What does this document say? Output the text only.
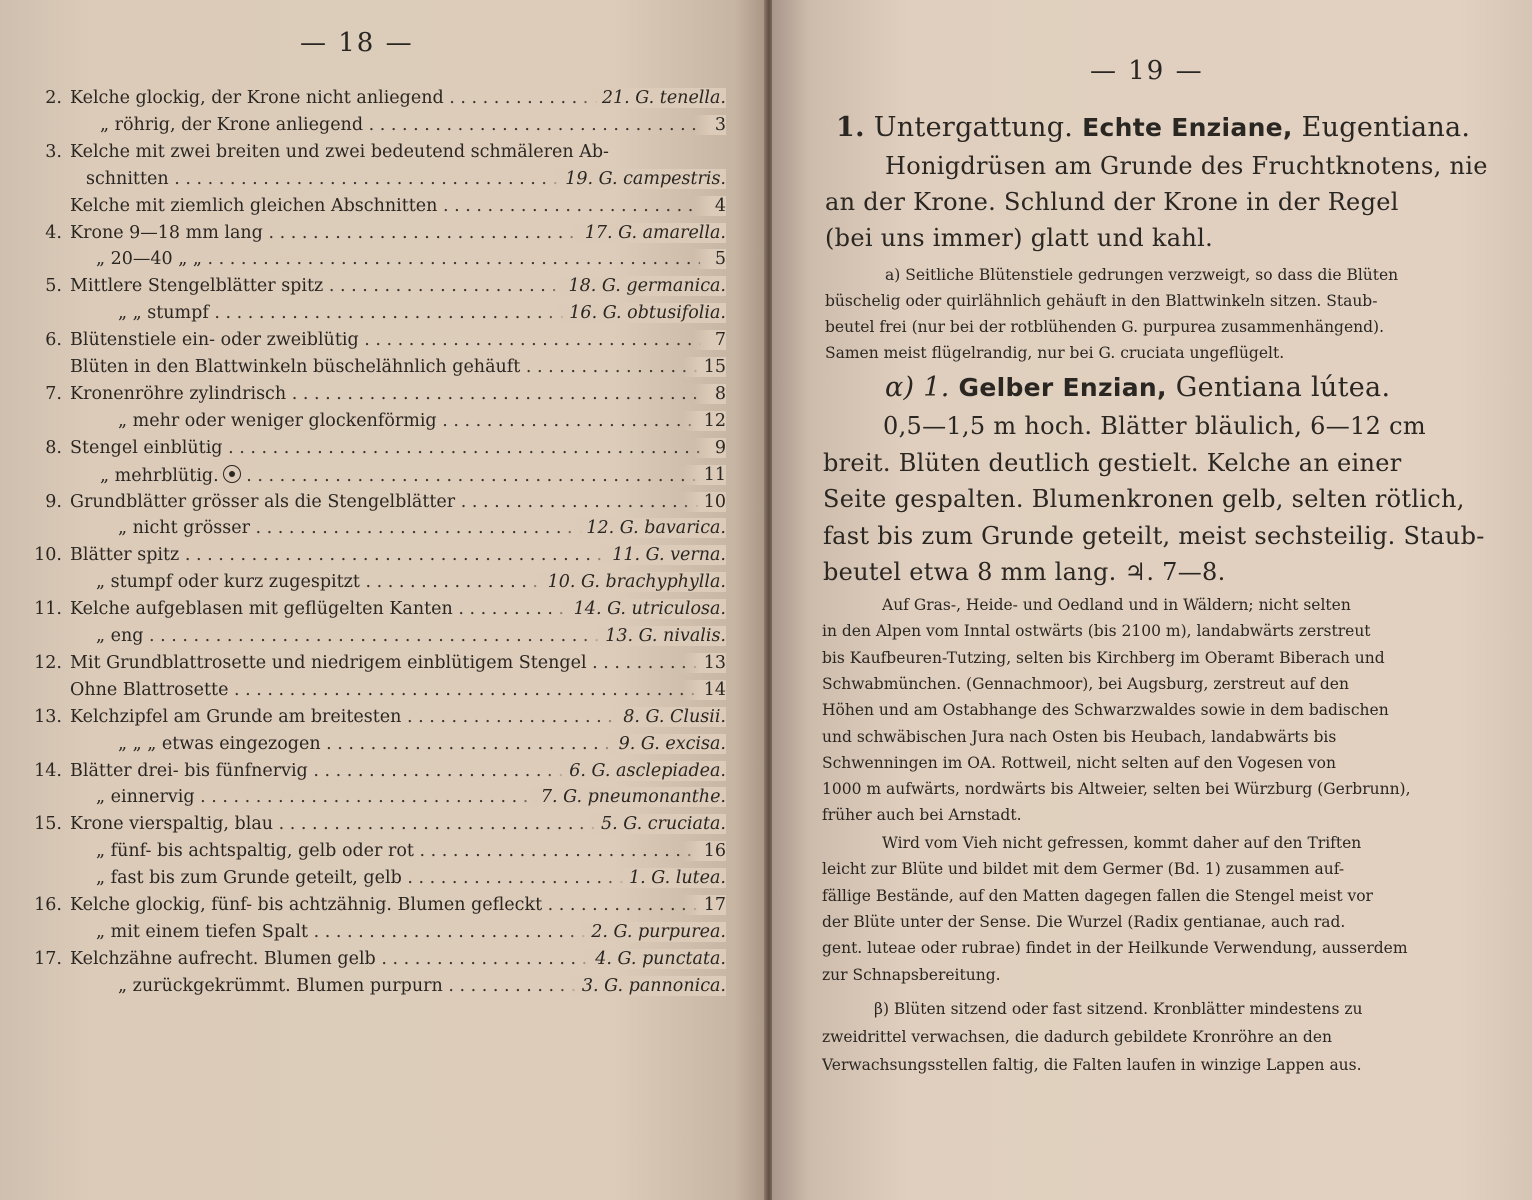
— 18 —
— 19 —
2. Kelche glockig, der Krone nicht anliegend . . .	21. G. tenella.
„ röhrig, der Krone anliegend . . .	3
3. Kelche mit zwei breiten und zwei bedeutend schmäleren Ab-
schnitten . . .	19. G. campestris.
Kelche mit ziemlich gleichen Abschnitten . . .	4
4. Krone 9—18 mm lang . . .	17. G. amarella.
„ 20—40 „ „ . . .	5
5. Mittlere Stengelblätter spitz . . .	18. G. germanica.
„ „ stumpf . . .	16. G. obtusifolia.
6. Blütenstiele ein- oder zweiblütig . . .	7
Blüten in den Blattwinkeln büschelähnlich gehäuft . . .	15
7. Kronenröhre zylindrisch . . .	8
„ mehr oder weniger glockenförmig . . .	12
8. Stengel einblütig . . .	9
„ mehrblütig. . . .	11
9. Grundblätter grösser als die Stengelblätter . . .	10
„ nicht grösser . . .	12. G. bavarica.
10. Blätter spitz . . .	11. G. verna.
„ stumpf oder kurz zugespitzt . . .	10. G. brachyphylla.
11. Kelche aufgeblasen mit geflügelten Kanten . . .	14. G. utriculosa.
„ eng . . .	13. G. nivalis.
12. Mit Grundblattrosette und niedrigem einblütigem Stengel . . .	13
Ohne Blattrosette . . .	14
13. Kelchzipfel am Grunde am breitesten . . .	8. G. Clusii.
„ „ „ etwas eingezogen . . .	9. G. excisa.
14. Blätter drei- bis fünfnervig . . .	6. G. asclepiadea.
„ einnervig . . .	7. G. pneumonanthe.
15. Krone vierspaltig, blau . . .	5. G. cruciata.
„ fünf- bis achtspaltig, gelb oder rot . . .	16
„ fast bis zum Grunde geteilt, gelb . . .	1. G. lutea.
16. Kelche glockig, fünf- bis achtzähnig. Blumen gefleckt . . .	17
„ mit einem tiefen Spalt . . .	2. G. purpurea.
17. Kelchzähne aufrecht. Blumen gelb . . .	4. G. punctata.
„ zurückgekrümmt. Blumen purpurn . . .	3. G. pannonica.
1. Untergattung. Echte Enziane, Eugentiana.
Honigdrüsen am Grunde des Fruchtknotens, nie
an der Krone. Schlund der Krone in der Regel
(bei uns immer) glatt und kahl.
a) Seitliche Blütenstiele gedrungen verzweigt, so dass die Blüten
büschelig oder quirlähnlich gehäuft in den Blattwinkeln sitzen. Staub-
beutel frei (nur bei der rotblühenden G. purpurea zusammenhängend).
Samen meist flügelrandig, nur bei G. cruciata ungeflügelt.
α) 1. Gelber Enzian, Gentiana lútea.
0,5—1,5 m hoch. Blätter bläulich, 6—12 cm
breit. Blüten deutlich gestielt. Kelche an einer
Seite gespalten. Blumenkronen gelb, selten rötlich,
fast bis zum Grunde geteilt, meist sechsteilig. Staub-
beutel etwa 8 mm lang. ♃. 7—8.
Auf Gras-, Heide- und Oedland und in Wäldern; nicht selten
in den Alpen vom Inntal ostwärts (bis 2100 m), landabwärts zerstreut
bis Kaufbeuren-Tutzing, selten bis Kirchberg im Oberamt Biberach und
Schwabmünchen. (Gennachmoor), bei Augsburg, zerstreut auf den
Höhen und am Ostabhange des Schwarzwaldes sowie in dem badischen
und schwäbischen Jura nach Osten bis Heubach, landabwärts bis
Schwenningen im OA. Rottweil, nicht selten auf den Vogesen von
1000 m aufwärts, nordwärts bis Altweier, selten bei Würzburg (Gerbrunn),
früher auch bei Arnstadt.
Wird vom Vieh nicht gefressen, kommt daher auf den Triften
leicht zur Blüte und bildet mit dem Germer (Bd. 1) zusammen auf-
fällige Bestände, auf den Matten dagegen fallen die Stengel meist vor
der Blüte unter der Sense. Die Wurzel (Radix gentianae, auch rad.
gent. luteae oder rubrae) findet in der Heilkunde Verwendung, ausserdem
zur Schnapsbereitung.
β) Blüten sitzend oder fast sitzend. Kronblätter mindestens zu
zweidrittel verwachsen, die dadurch gebildete Kronröhre an den
Verwachsungsstellen faltig, die Falten laufen in winzige Lappen aus.
